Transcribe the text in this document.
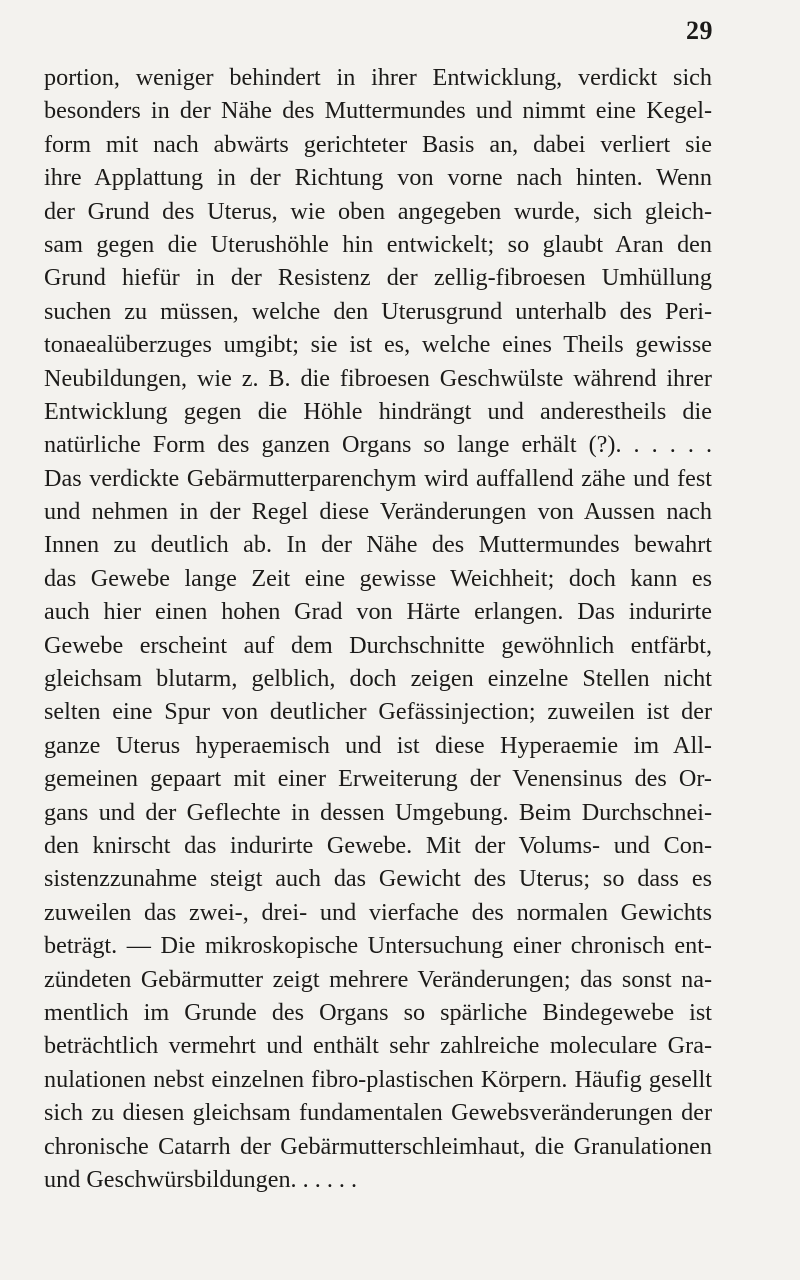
29
portion, weniger behindert in ihrer Entwicklung, verdickt sich
besonders in der Nähe des Muttermundes und nimmt eine Kegel-
form mit nach abwärts gerichteter Basis an, dabei verliert sie
ihre Applattung in der Richtung von vorne nach hinten. Wenn
der Grund des Uterus, wie oben angegeben wurde, sich gleich-
sam gegen die Uterushöhle hin entwickelt; so glaubt Aran den
Grund hiefür in der Resistenz der zellig-fibroesen Umhüllung
suchen zu müssen, welche den Uterusgrund unterhalb des Peri-
tonaealüberzuges umgibt; sie ist es, welche eines Theils gewisse
Neubildungen, wie z. B. die fibroesen Geschwülste während ihrer
Entwicklung gegen die Höhle hindrängt und anderestheils die
natürliche Form des ganzen Organs so lange erhält (?). . . . . .
Das verdickte Gebärmutterparenchym wird auffallend zähe und fest
und nehmen in der Regel diese Veränderungen von Aussen nach
Innen zu deutlich ab. In der Nähe des Muttermundes bewahrt
das Gewebe lange Zeit eine gewisse Weichheit; doch kann es
auch hier einen hohen Grad von Härte erlangen. Das indurirte
Gewebe erscheint auf dem Durchschnitte gewöhnlich entfärbt,
gleichsam blutarm, gelblich, doch zeigen einzelne Stellen nicht
selten eine Spur von deutlicher Gefässinjection; zuweilen ist der
ganze Uterus hyperaemisch und ist diese Hyperaemie im All-
gemeinen gepaart mit einer Erweiterung der Venensinus des Or-
gans und der Geflechte in dessen Umgebung. Beim Durchschnei-
den knirscht das indurirte Gewebe. Mit der Volums- und Con-
sistenzzunahme steigt auch das Gewicht des Uterus; so dass es
zuweilen das zwei-, drei- und vierfache des normalen Gewichts
beträgt. — Die mikroskopische Untersuchung einer chronisch ent-
zündeten Gebärmutter zeigt mehrere Veränderungen; das sonst na-
mentlich im Grunde des Organs so spärliche Bindegewebe ist
beträchtlich vermehrt und enthält sehr zahlreiche moleculare Gra-
nulationen nebst einzelnen fibro-plastischen Körpern. Häufig gesellt
sich zu diesen gleichsam fundamentalen Gewebsveränderungen der
chronische Catarrh der Gebärmutterschleimhaut, die Granulationen
und Geschwürsbildungen. . . . . .
